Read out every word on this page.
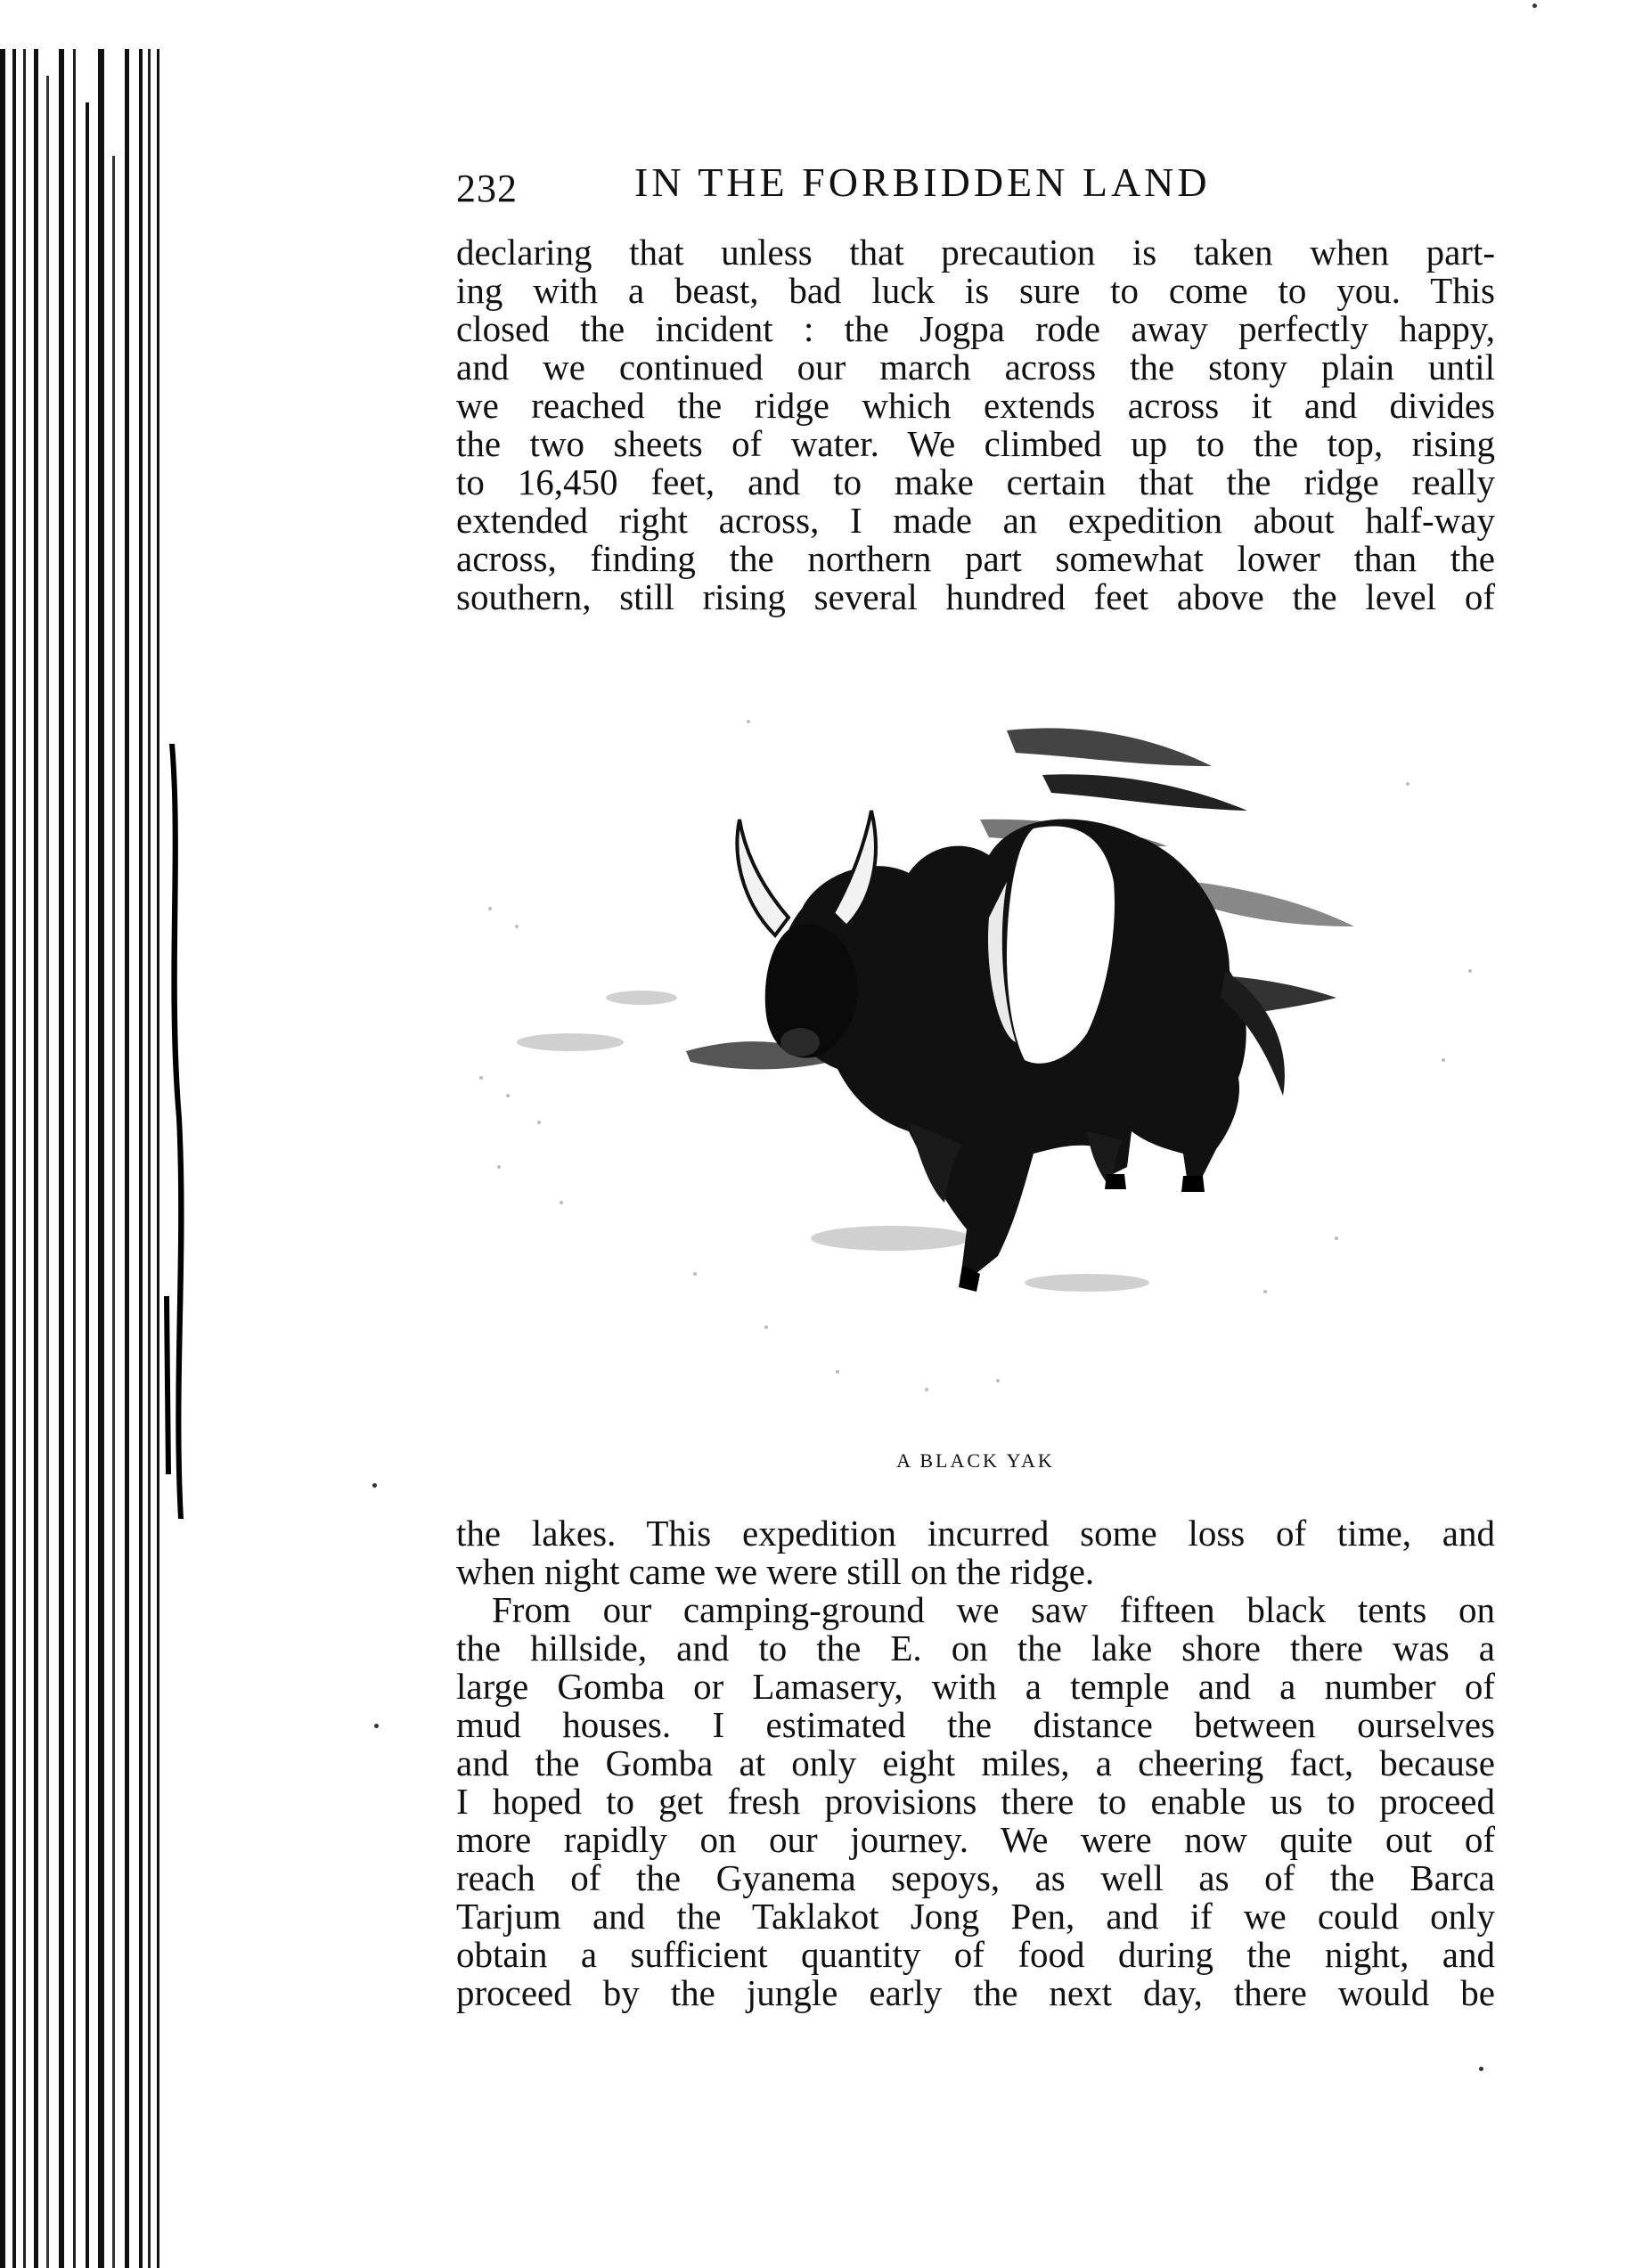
232	IN THE FORBIDDEN LAND
declaring that unless that precaution is taken when part-
ing with a beast, bad luck is sure to come to you. This
closed the incident : the Jogpa rode away perfectly happy,
and we continued our march across the stony plain until
we reached the ridge which extends across it and divides
the two sheets of water. We climbed up to the top, rising
to 16,450 feet, and to make certain that the ridge really
extended right across, I made an expedition about half-way
across, finding the northern part somewhat lower than the
southern, still rising several hundred feet above the level of
A BLACK YAK
the lakes. This expedition incurred some loss of time, and
when night came we were still on the ridge.
From our camping-ground we saw fifteen black tents on
the hillside, and to the E. on the lake shore there was a
large Gomba or Lamasery, with a temple and a number of
mud houses. I estimated the distance between ourselves
and the Gomba at only eight miles, a cheering fact, because
I hoped to get fresh provisions there to enable us to proceed
more rapidly on our journey. We were now quite out of
reach of the Gyanema sepoys, as well as of the Barca
Tarjum and the Taklakot Jong Pen, and if we could only
obtain a sufficient quantity of food during the night, and
proceed by the jungle early the next day, there would be
